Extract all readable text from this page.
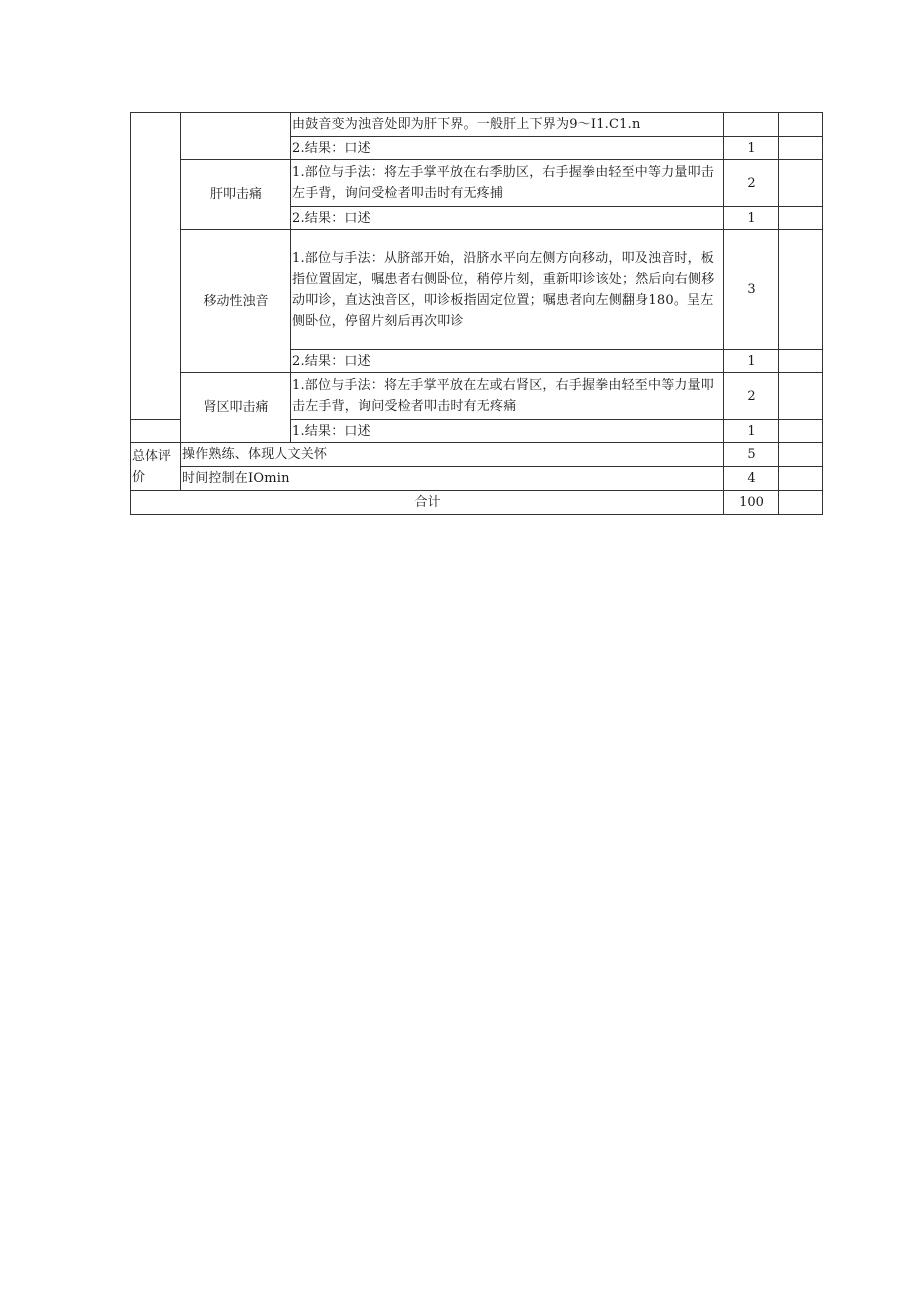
		由鼓音变为浊音处即为肝下界。一般肝上下界为9～I1.C1.n		
		2.结果：口述	1	
	肝叩击痛	1.部位与手法：将左手掌平放在右季肋区，右手握拳由轻至中等力量叩击左手背，询问受检者叩击时有无疼捕	2	
		2.结果：口述	1	
	移动性浊音	1.部位与手法：从脐部开始，沿脐水平向左侧方向移动，叩及浊音时，板指位置固定，嘱患者右侧卧位，稍停片刻，重新叩诊该处；然后向右侧移动叩诊，直达浊音区，叩诊板指固定位置；嘱患者向左侧翻身180。呈左侧卧位，停留片刻后再次叩诊	3	
		2.结果：口述	1	
	肾区叩击痛	1.部位与手法：将左手掌平放在左或右肾区，右手握拳由轻至中等力量叩击左手背，询问受检者叩击时有无疼痛	2	
		1.结果：口述	1	
总体评价	操作熟练、体现人文关怀		5	
	时间控制在IOmin		4	
合计			100	
